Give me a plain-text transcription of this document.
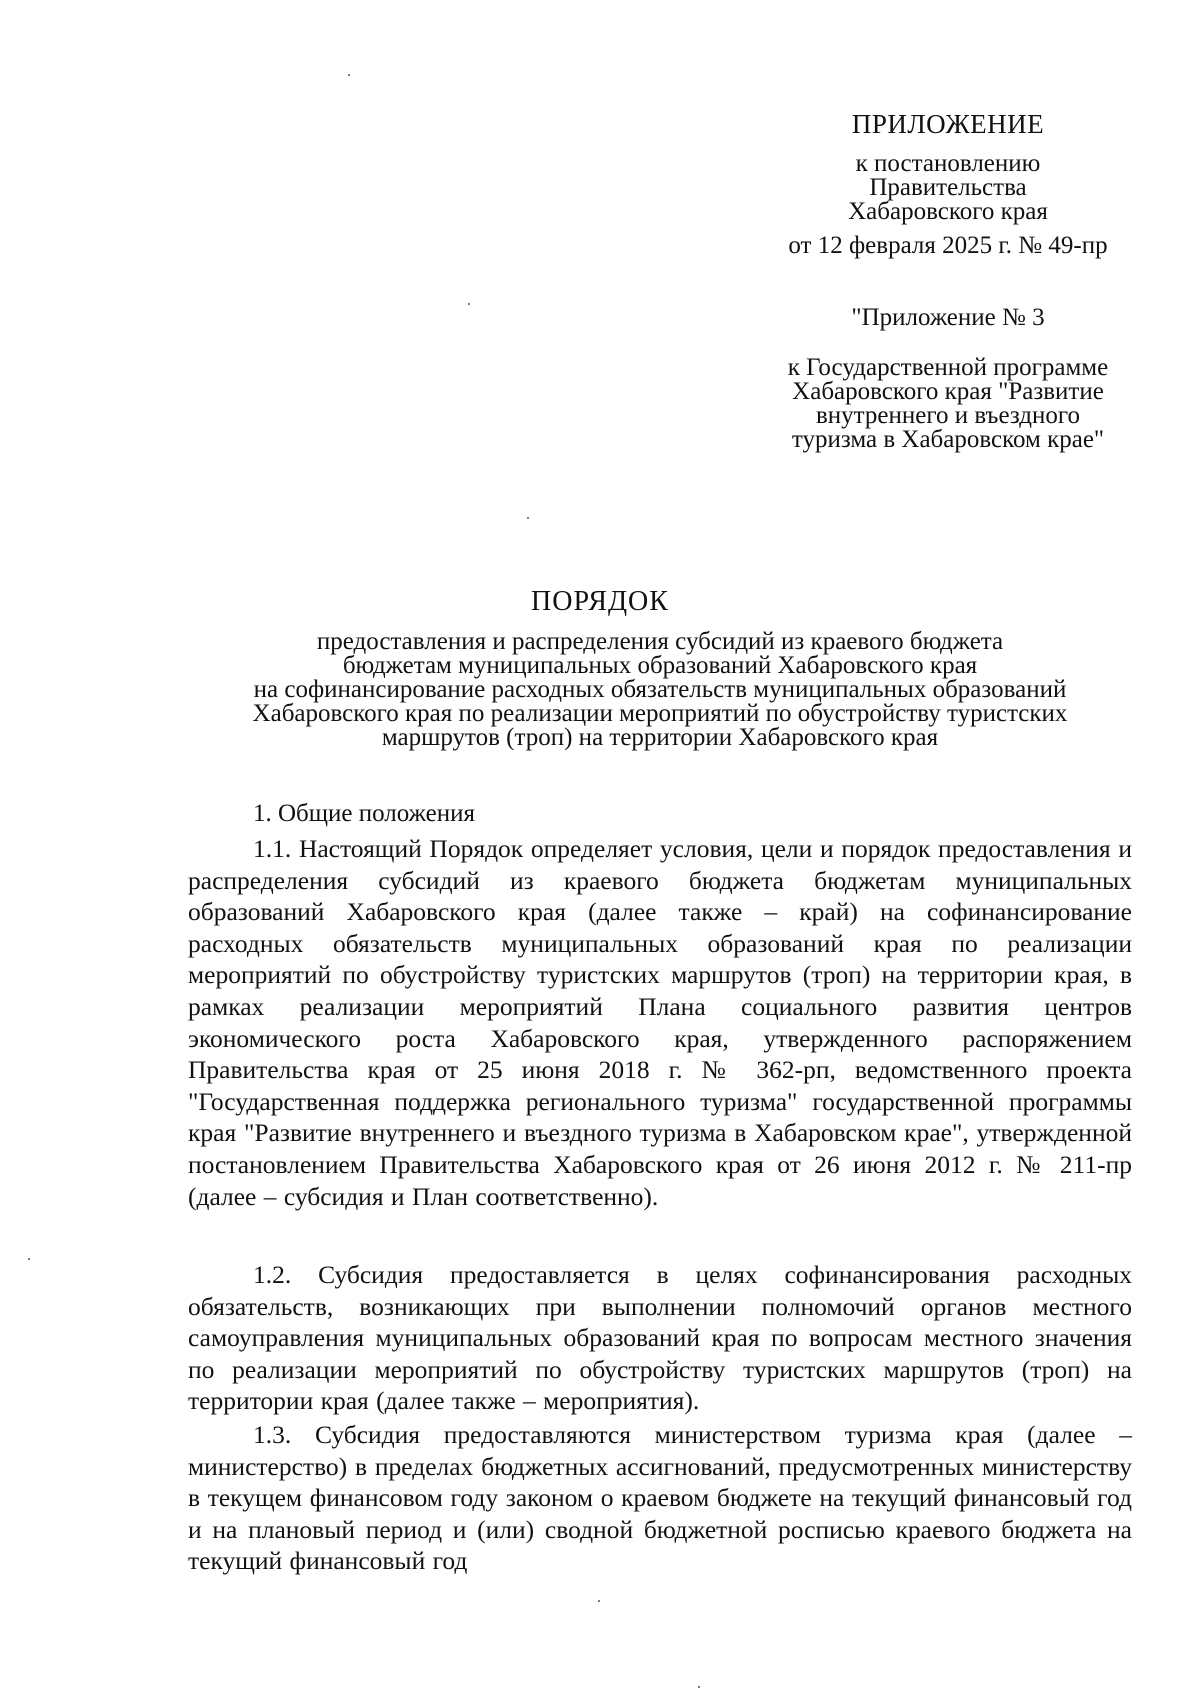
ПРИЛОЖЕНИЕ
к постановлению
Правительства
Хабаровского края
от 12 февраля 2025 г. № 49-пр
"Приложение № 3
к Государственной программе
Хабаровского края "Развитие
внутреннего и въездного
туризма в Хабаровском крае"
ПОРЯДОК
предоставления и распределения субсидий из краевого бюджета
бюджетам муниципальных образований Хабаровского края
на софинансирование расходных обязательств муниципальных образований
Хабаровского края по реализации мероприятий по обустройству туристских
маршрутов (троп) на территории Хабаровского края
1. Общие положения

1.1. Настоящий Порядок определяет условия, цели и порядок предоставления и распределения субсидий из краевого бюджета бюджетам муниципальных образований Хабаровского края (далее также – край) на софинансирование расходных обязательств муниципальных образований края по реализации мероприятий по обустройству туристских маршрутов (троп) на территории края, в рамках реализации мероприятий Плана социального развития центров экономического роста Хабаровского края, утвержденного распоряжением Правительства края от 25 июня 2018 г. № 362-рп, ведомственного проекта "Государственная поддержка регионального туризма" государственной программы края "Развитие внутреннего и въездного туризма в Хабаровском крае", утвержденной постановлением Правительства Хабаровского края от 26 июня 2012 г. № 211-пр (далее – субсидия и План соответственно).

1.2. Субсидия предоставляется в целях софинансирования расходных обязательств, возникающих при выполнении полномочий органов местного самоуправления муниципальных образований края по вопросам местного значения по реализации мероприятий по обустройству туристских маршрутов (троп) на территории края (далее также – мероприятия).

1.3. Субсидия предоставляются министерством туризма края (далее – министерство) в пределах бюджетных ассигнований, предусмотренных министерству в текущем финансовом году законом о краевом бюджете на текущий финансовый год и на плановый период и (или) сводной бюджетной росписью краевого бюджета на текущий финансовый год
